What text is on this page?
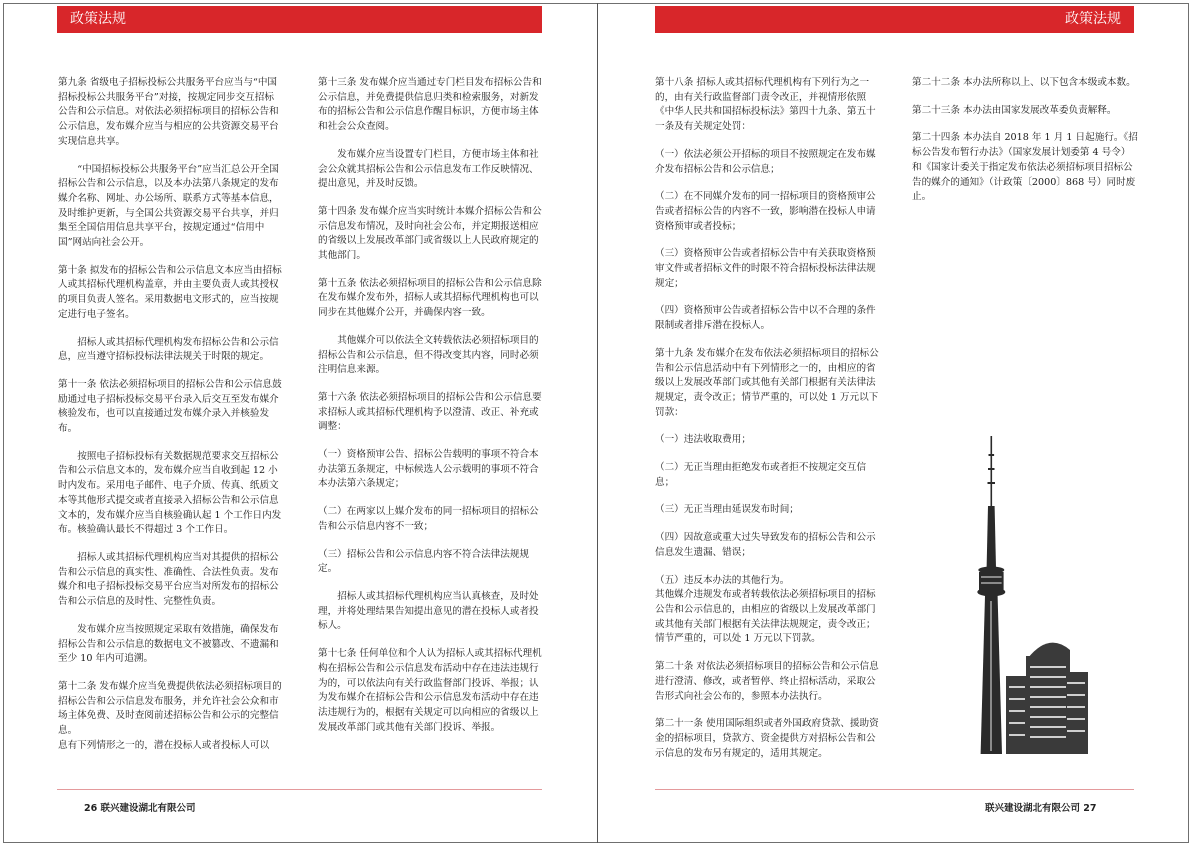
政策法规	政策法规

第九条 省级电子招标投标公共服务平台应当与“中国招标投标公共服务平台”对接，按规定同步交互招标公告和公示信息。对依法必须招标项目的招标公告和公示信息，发布媒介应当与相应的公共资源交易平台实现信息共享。

“中国招标投标公共服务平台”应当汇总公开全国招标公告和公示信息，以及本办法第八条规定的发布媒介名称、网址、办公场所、联系方式等基本信息，及时维护更新，与全国公共资源交易平台共享，并归集至全国信用信息共享平台，按规定通过“信用中国”网站向社会公开。

第十条 拟发布的招标公告和公示信息文本应当由招标人或其招标代理机构盖章，并由主要负责人或其授权的项目负责人签名。采用数据电文形式的，应当按规定进行电子签名。

招标人或其招标代理机构发布招标公告和公示信息，应当遵守招标投标法律法规关于时限的规定。

第十一条 依法必须招标项目的招标公告和公示信息鼓励通过电子招标投标交易平台录入后交互至发布媒介核验发布，也可以直接通过发布媒介录入并核验发布。

按照电子招标投标有关数据规范要求交互招标公告和公示信息文本的，发布媒介应当自收到起 12 小时内发布。采用电子邮件、电子介质、传真、纸质文本等其他形式提交或者直接录入招标公告和公示信息文本的，发布媒介应当自核验确认起 1 个工作日内发布。核验确认最长不得超过 3 个工作日。

招标人或其招标代理机构应当对其提供的招标公告和公示信息的真实性、准确性、合法性负责。发布媒介和电子招标投标交易平台应当对所发布的招标公告和公示信息的及时性、完整性负责。

发布媒介应当按照规定采取有效措施，确保发布招标公告和公示信息的数据电文不被篡改、不遗漏和至少 10 年内可追溯。

第十二条 发布媒介应当免费提供依法必须招标项目的招标公告和公示信息发布服务，并允许社会公众和市场主体免费、及时查阅前述招标公告和公示的完整信息。

息有下列情形之一的，潜在投标人或者投标人可以

第十三条 发布媒介应当通过专门栏目发布招标公告和公示信息，并免费提供信息归类和检索服务，对新发布的招标公告和公示信息作醒目标识，方便市场主体和社会公众查阅。

发布媒介应当设置专门栏目，方便市场主体和社会公众就其招标公告和公示信息发布工作反映情况、提出意见，并及时反馈。

第十四条 发布媒介应当实时统计本媒介招标公告和公示信息发布情况，及时向社会公布，并定期报送相应的省级以上发展改革部门或省级以上人民政府规定的其他部门。

第十五条 依法必须招标项目的招标公告和公示信息除在发布媒介发布外，招标人或其招标代理机构也可以同步在其他媒介公开，并确保内容一致。

其他媒介可以依法全文转载依法必须招标项目的招标公告和公示信息，但不得改变其内容，同时必须注明信息来源。

第十六条 依法必须招标项目的招标公告和公示信息要求招标人或其招标代理机构予以澄清、改正、补充或调整：

（一）资格预审公告、招标公告载明的事项不符合本办法第五条规定，中标候选人公示载明的事项不符合本办法第六条规定；

（二）在两家以上媒介发布的同一招标项目的招标公告和公示信息内容不一致；

（三）招标公告和公示信息内容不符合法律法规规定。

招标人或其招标代理机构应当认真核查，及时处理，并将处理结果告知提出意见的潜在投标人或者投标人。

第十七条 任何单位和个人认为招标人或其招标代理机构在招标公告和公示信息发布活动中存在违法违规行为的，可以依法向有关行政监督部门投诉、举报；认为发布媒介在招标公告和公示信息发布活动中存在违法违规行为的，根据有关规定可以向相应的省级以上发展改革部门或其他有关部门投诉、举报。

第十八条 招标人或其招标代理机构有下列行为之一的，由有关行政监督部门责令改正，并视情形依照《中华人民共和国招标投标法》第四十九条、第五十一条及有关规定处罚：

（一）依法必须公开招标的项目不按照规定在发布媒介发布招标公告和公示信息；

（二）在不同媒介发布的同一招标项目的资格预审公告或者招标公告的内容不一致，影响潜在投标人申请资格预审或者投标；

（三）资格预审公告或者招标公告中有关获取资格预审文件或者招标文件的时限不符合招标投标法律法规规定；

（四）资格预审公告或者招标公告中以不合理的条件限制或者排斥潜在投标人。

第十九条 发布媒介在发布依法必须招标项目的招标公告和公示信息活动中有下列情形之一的，由相应的省级以上发展改革部门或其他有关部门根据有关法律法规规定，责令改正；情节严重的，可以处 1 万元以下罚款：

（一）违法收取费用；

（二）无正当理由拒绝发布或者拒不按规定交互信息；

（三）无正当理由延误发布时间；

（四）因故意或重大过失导致发布的招标公告和公示信息发生遗漏、错误；

（五）违反本办法的其他行为。

其他媒介违规发布或者转载依法必须招标项目的招标公告和公示信息的，由相应的省级以上发展改革部门或其他有关部门根据有关法律法规规定，责令改正；情节严重的，可以处 1 万元以下罚款。

第二十条 对依法必须招标项目的招标公告和公示信息进行澄清、修改，或者暂停、终止招标活动，采取公告形式向社会公布的，参照本办法执行。

第二十一条 使用国际组织或者外国政府贷款、援助资金的招标项目，贷款方、资金提供方对招标公告和公示信息的发布另有规定的，适用其规定。

第二十二条 本办法所称以上、以下包含本级或本数。

第二十三条 本办法由国家发展改革委负责解释。

第二十四条 本办法自 2018 年 1 月 1 日起施行。《招标公告发布暂行办法》（国家发展计划委第 4 号令）和《国家计委关于指定发布依法必须招标项目招标公告的媒介的通知》（计政策〔2000〕868 号）同时废止。

26 联兴建设湖北有限公司	联兴建设湖北有限公司 27
